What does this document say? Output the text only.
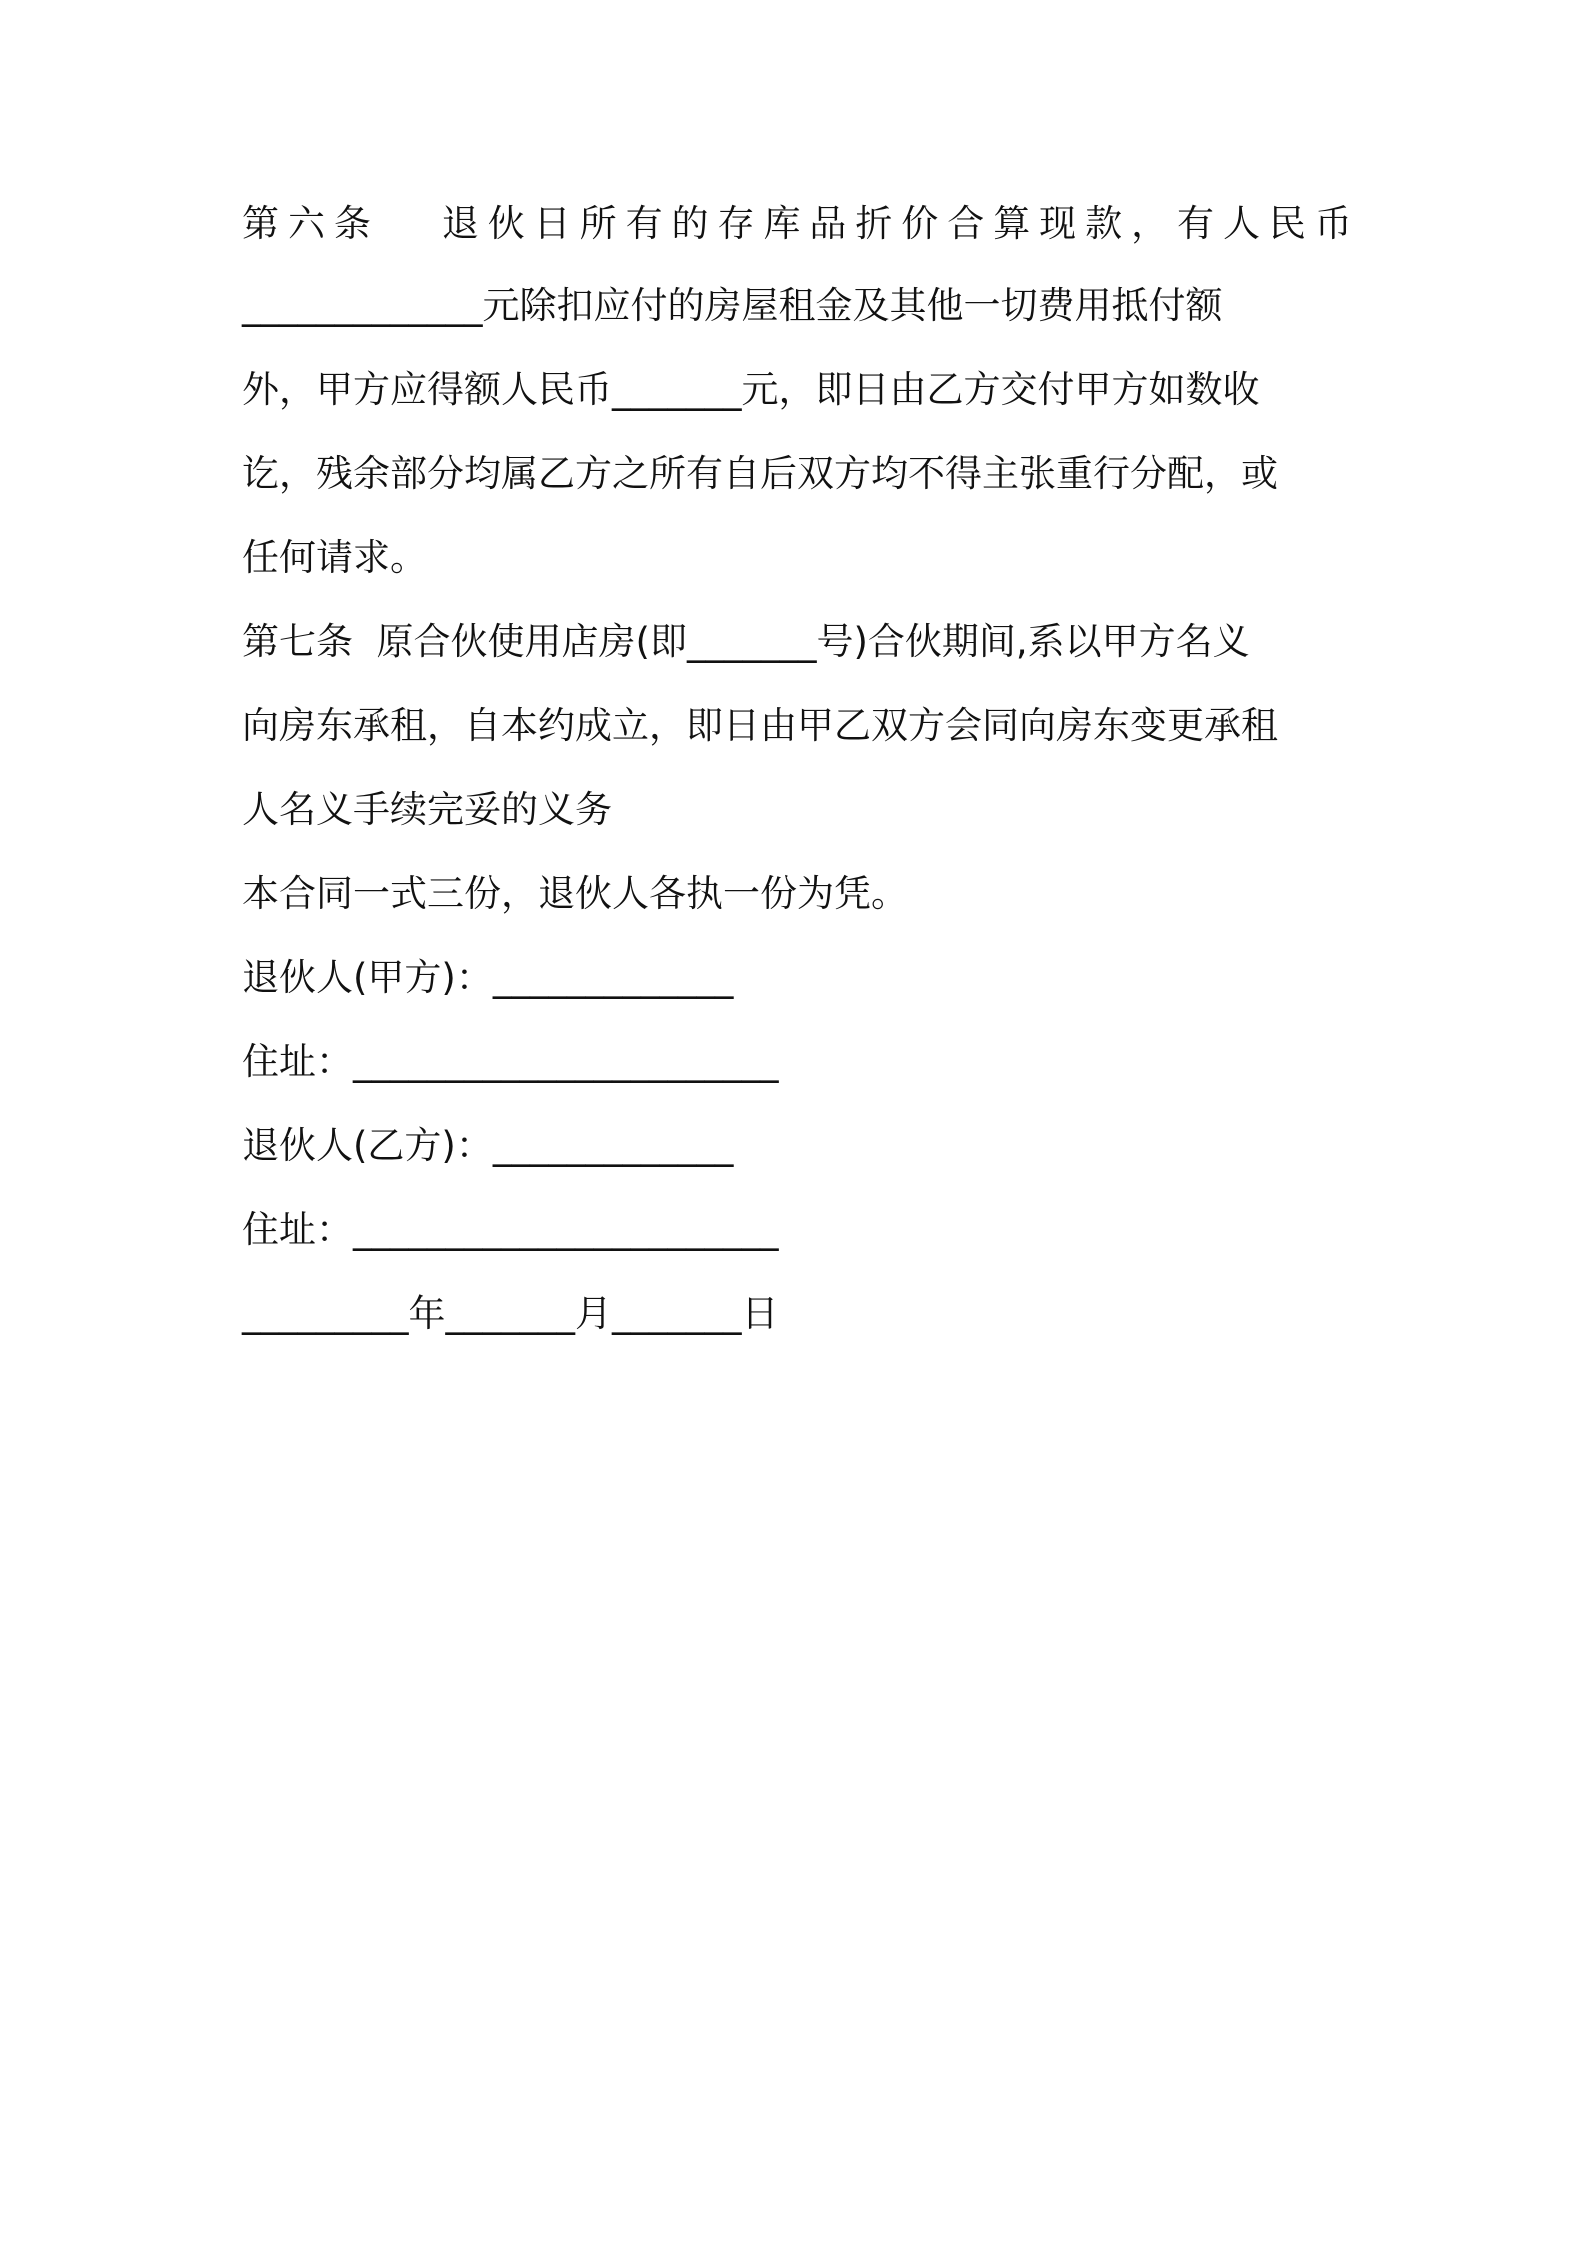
第 六 条

退 伙 日 所 有 的 存 库 品 折 价 合 算 现 款 ， 有 人 民 币
_____________元除扣应付的房屋租金及其他一切费用抵付额
外，甲方应得额人民币_______元，即日由乙方交付甲方如数收
讫，残余部分均属乙方之所有自后双方均不得主张重行分配，或
任何请求。
第七条  原合伙使用店房(即_______号)合伙期间,系以甲方名义
向房东承租，自本约成立，即日由甲乙双方会同向房东变更承租
人名义手续完妥的义务
本合同一式三份，退伙人各执一份为凭。
退伙人(甲方)：_____________
住址：_______________________
退伙人(乙方)：_____________
住址：_______________________
_________年_______月_______日
